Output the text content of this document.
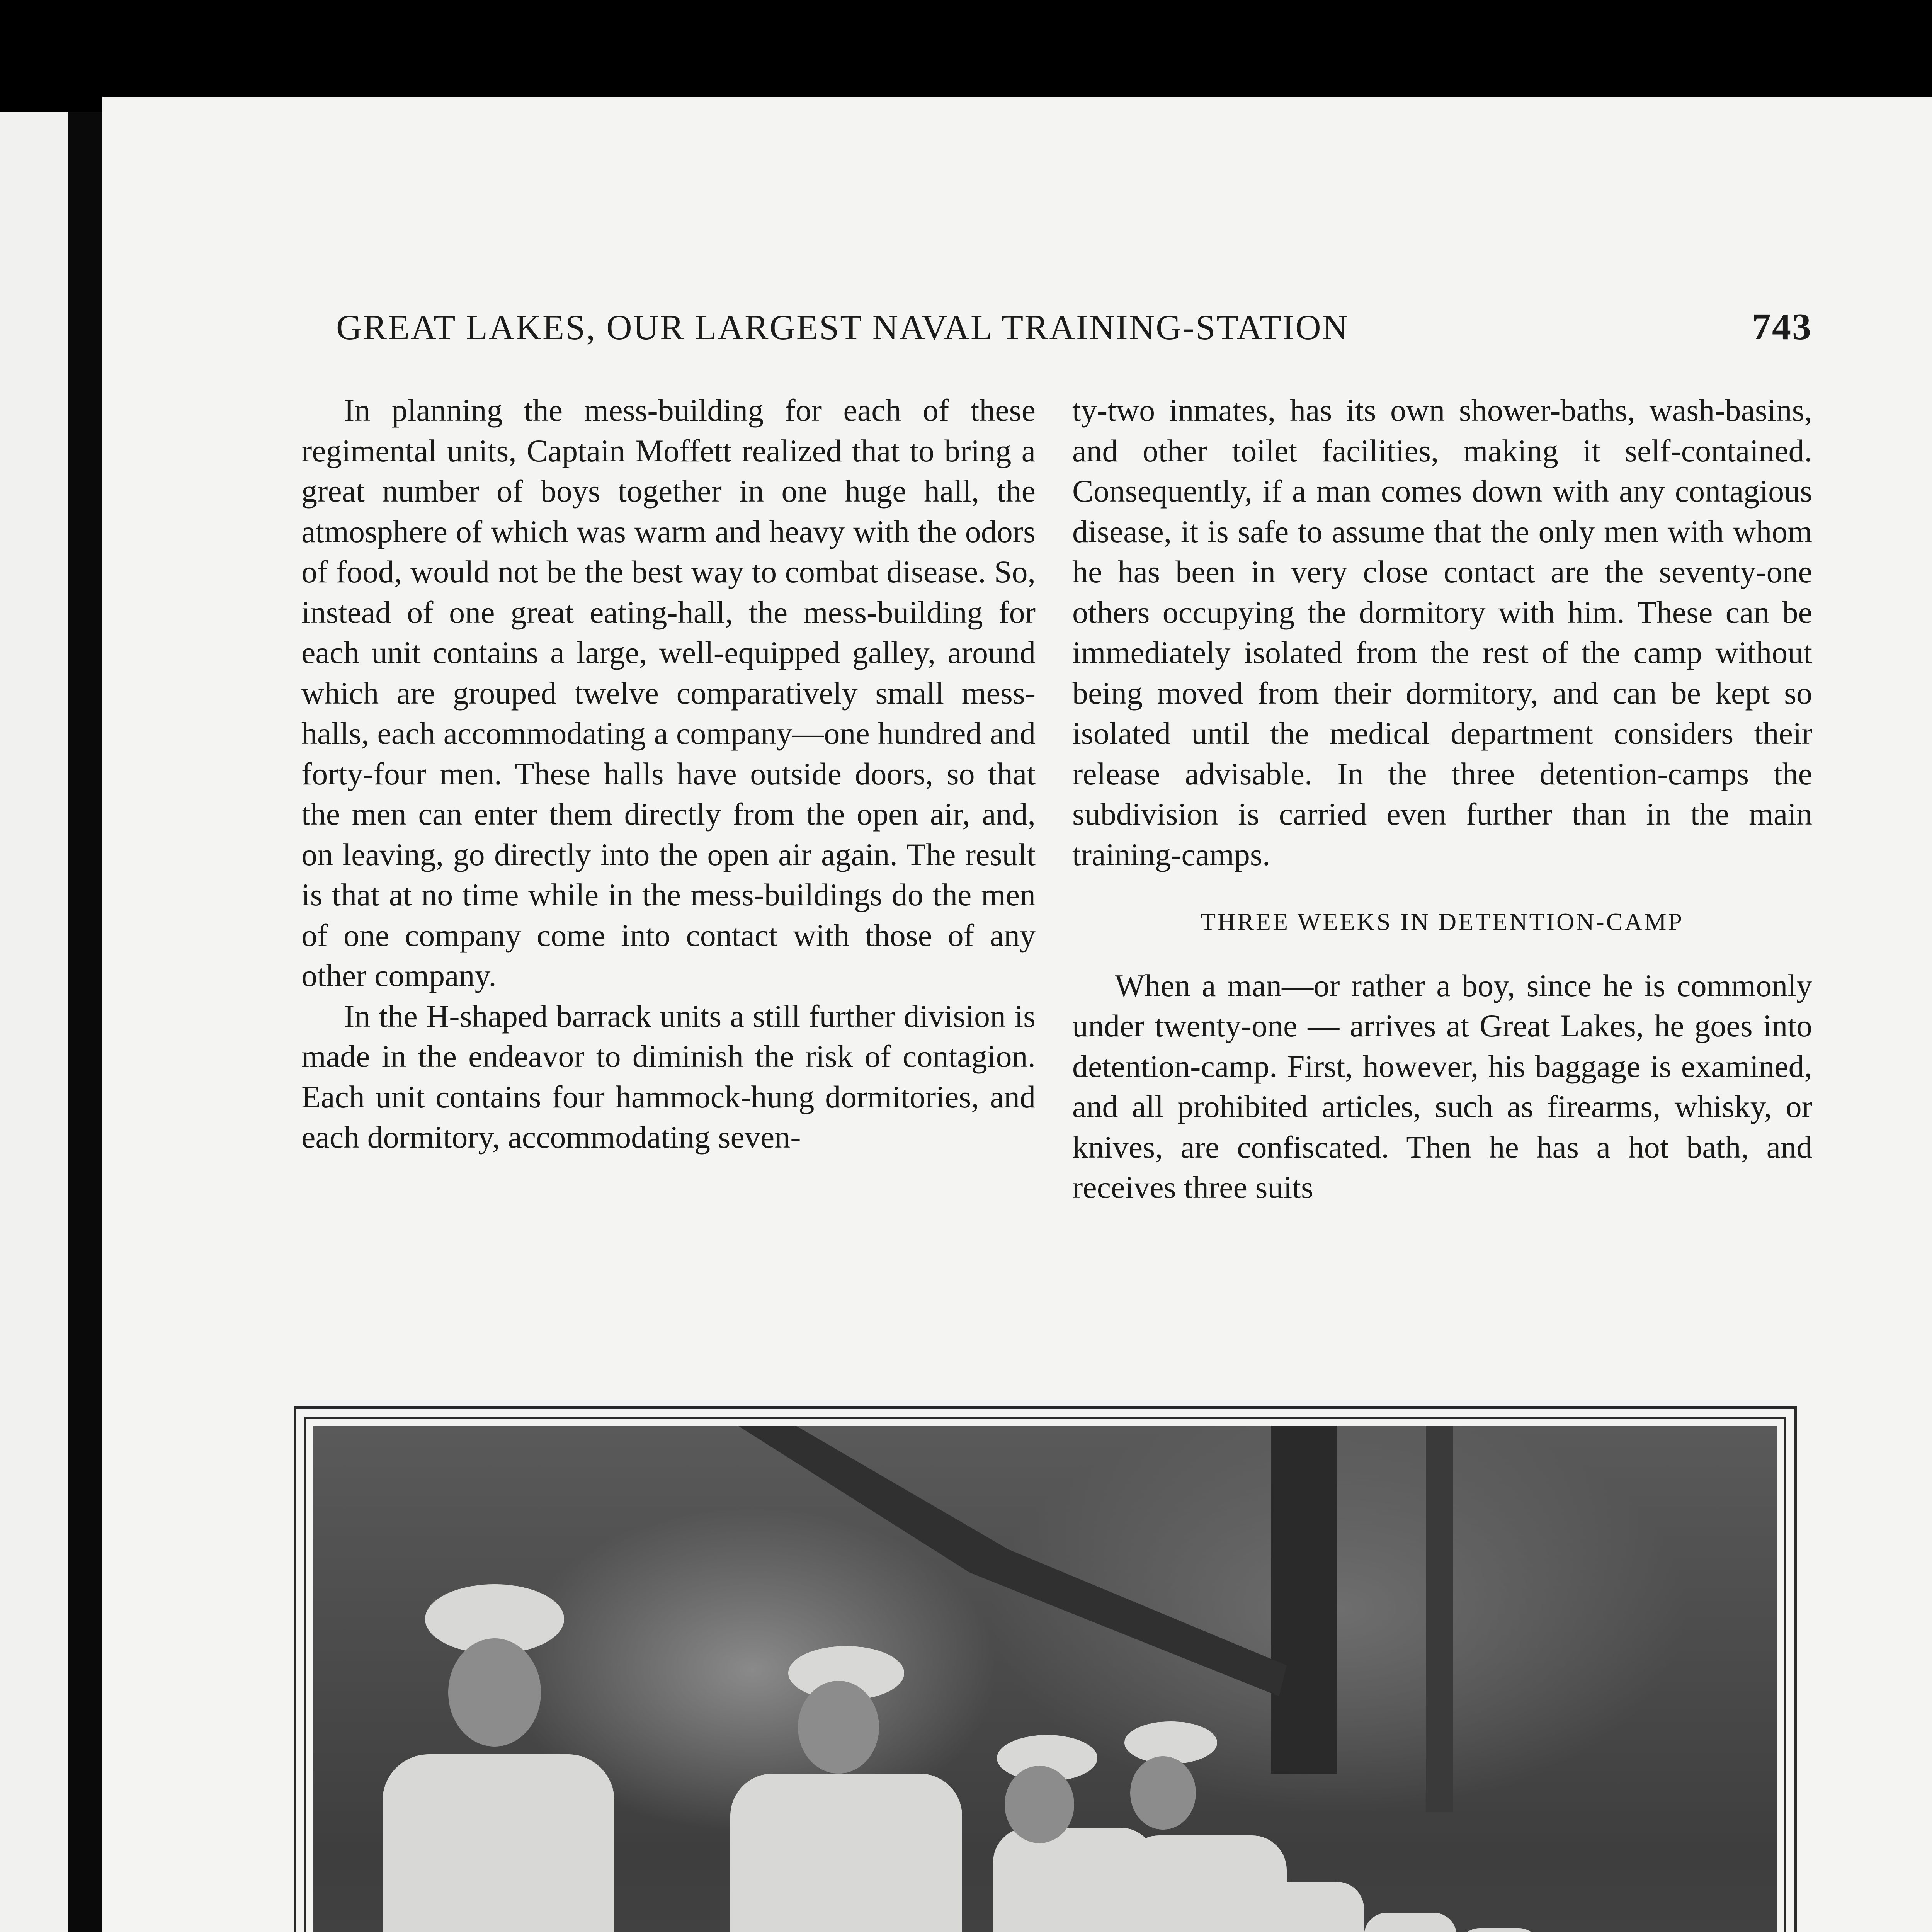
GREAT LAKES, OUR LARGEST NAVAL TRAINING-STATION	743

In planning the mess-building for each of these regimental units, Captain Moffett realized that to bring a great number of boys together in one huge hall, the atmosphere of which was warm and heavy with the odors of food, would not be the best way to combat disease. So, instead of one great eating-hall, the mess-building for each unit contains a large, well-equipped galley, around which are grouped twelve comparatively small mess-halls, each accommodating a company—one hundred and forty-four men. These halls have outside doors, so that the men can enter them directly from the open air, and, on leaving, go directly into the open air again. The result is that at no time while in the mess-buildings do the men of one company come into contact with those of any other company.

In the H-shaped barrack units a still further division is made in the endeavor to diminish the risk of contagion. Each unit contains four hammock-hung dormitories, and each dormitory, accommodating seven-

ty-two inmates, has its own shower-baths, wash-basins, and other toilet facilities, making it self-contained. Consequently, if a man comes down with any contagious disease, it is safe to assume that the only men with whom he has been in very close contact are the seventy-one others occupying the dormitory with him. These can be immediately isolated from the rest of the camp without being moved from their dormitory, and can be kept so isolated until the medical department considers their release advisable. In the three detention-camps the subdivision is carried even further than in the main training-camps.

THREE WEEKS IN DETENTION-CAMP

When a man—or rather a boy, since he is commonly under twenty-one — arrives at Great Lakes, he goes into detention-camp. First, however, his baggage is examined, and all prohibited articles, such as firearms, whisky, or knives, are confiscated. Then he has a hot bath, and receives three suits
